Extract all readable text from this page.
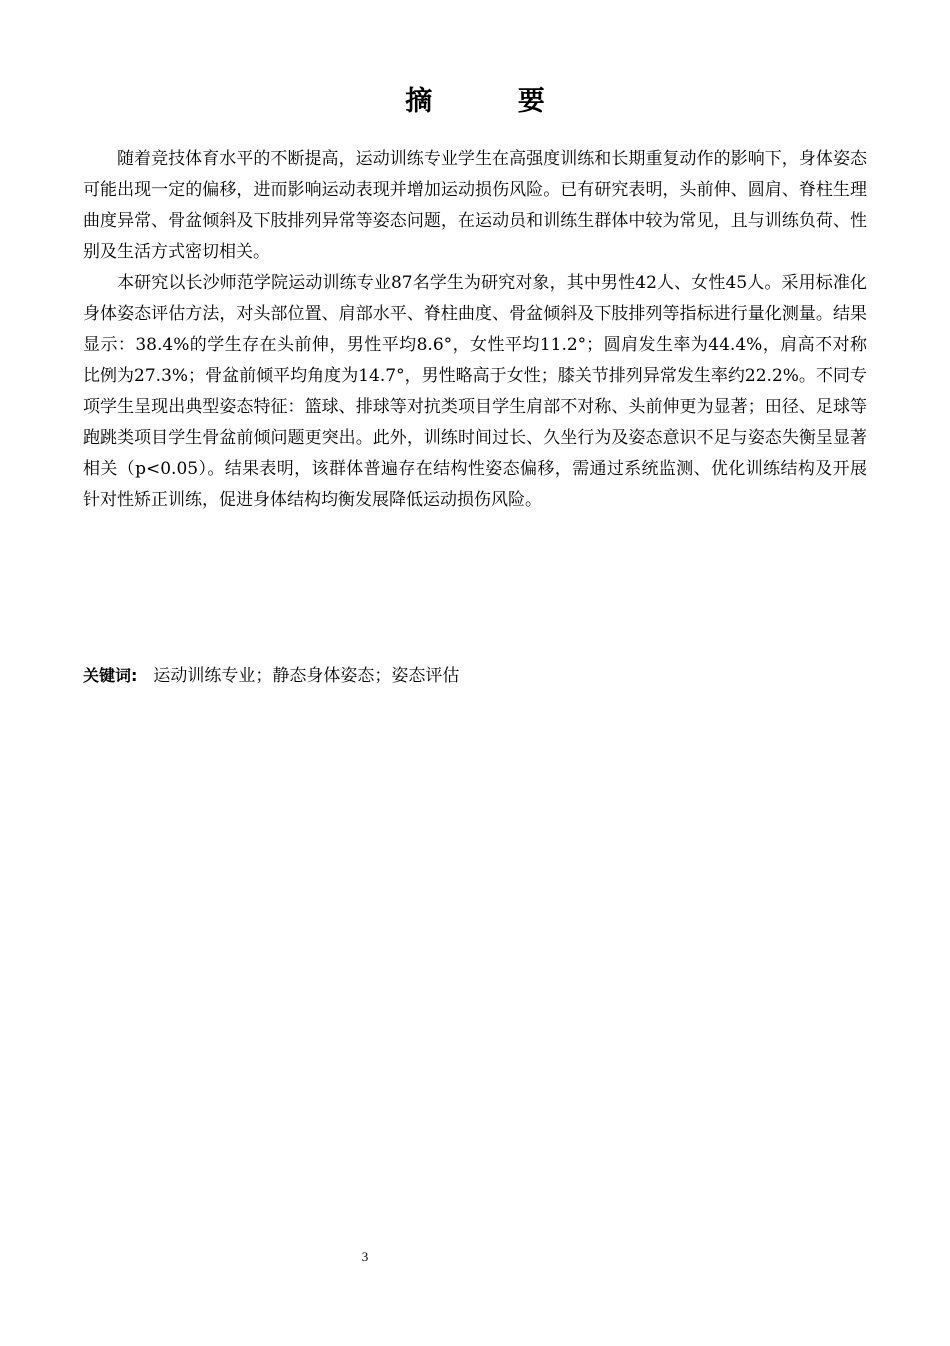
摘 要

随着竞技体育水平的不断提高，运动训练专业学生在高强度训练和长期重复动作的影响下，身体姿态可能出现一定的偏移，进而影响运动表现并增加运动损伤风险。已有研究表明，头前伸、圆肩、脊柱生理曲度异常、骨盆倾斜及下肢排列异常等姿态问题，在运动员和训练生群体中较为常见，且与训练负荷、性别及生活方式密切相关。

本研究以长沙师范学院运动训练专业87名学生为研究对象，其中男性42人、女性45人。采用标准化身体姿态评估方法，对头部位置、肩部水平、脊柱曲度、骨盆倾斜及下肢排列等指标进行量化测量。结果显示：38.4%的学生存在头前伸，男性平均8.6°，女性平均11.2°；圆肩发生率为44.4%，肩高不对称比例为27.3%；骨盆前倾平均角度为14.7°，男性略高于女性；膝关节排列异常发生率约22.2%。不同专项学生呈现出典型姿态特征：篮球、排球等对抗类项目学生肩部不对称、头前伸更为显著；田径、足球等跑跳类项目学生骨盆前倾问题更突出。此外，训练时间过长、久坐行为及姿态意识不足与姿态失衡呈显著相关（p<0.05）。结果表明，该群体普遍存在结构性姿态偏移，需通过系统监测、优化训练结构及开展针对性矫正训练，促进身体结构均衡发展降低运动损伤风险。

关键词: 运动训练专业；静态身体姿态；姿态评估
3
